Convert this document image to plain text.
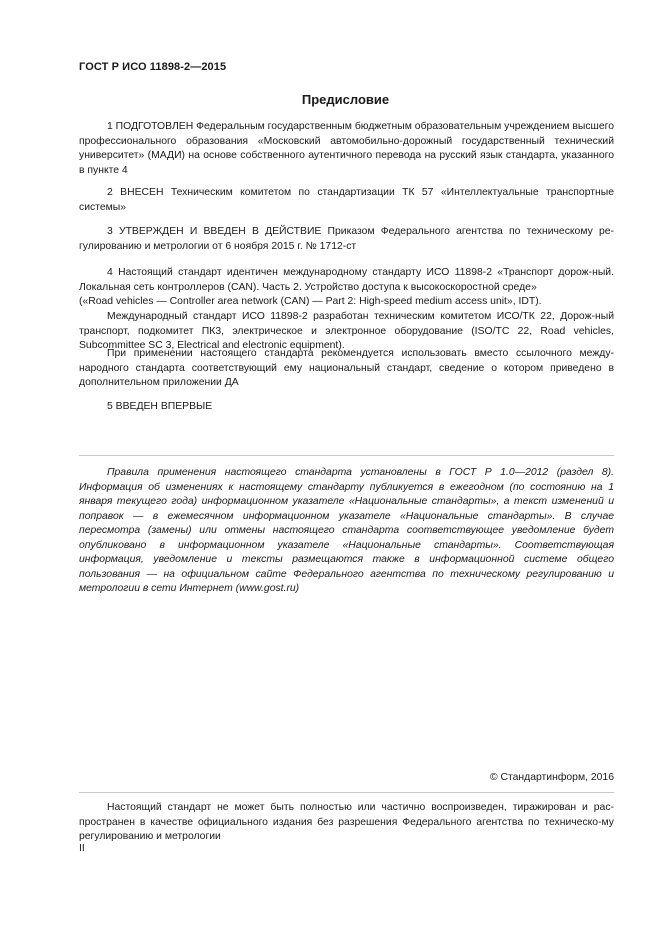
ГОСТ Р ИСО 11898-2—2015
Предисловие

1 ПОДГОТОВЛЕН Федеральным государственным бюджетным образовательным учреждением высшего профессионального образования «Московский автомобильно-дорожный государственный технический университет» (МАДИ) на основе собственного аутентичного перевода на русский язык стандарта, указанного в пункте 4

2 ВНЕСЕН Техническим комитетом по стандартизации ТК 57 «Интеллектуальные транспортные системы»

3 УТВЕРЖДЕН И ВВЕДЕН В ДЕЙСТВИЕ Приказом Федерального агентства по техническому ре-гулированию и метрологии от 6 ноября 2015 г. № 1712-ст

4 Настоящий стандарт идентичен международному стандарту ИСО 11898-2 «Транспорт дорож-ный. Локальная сеть контроллеров (CAN). Часть 2. Устройство доступа к высокоскоростной среде»

(«Road vehicles — Controller area network (CAN) — Part 2: High-speed medium access unit», IDT).

Международный стандарт ИСО 11898-2 разработан техническим комитетом ИСО/ТК 22, Дорож-ный транспорт, подкомитет ПК3, электрическое и электронное оборудование (ISO/TC 22, Road vehicles, Subcommittee SC 3, Electrical and electronic equipment).

При применении настоящего стандарта рекомендуется использовать вместо ссылочного между-народного стандарта соответствующий ему национальный стандарт, сведение о котором приведено в дополнительном приложении ДА

5 ВВЕДЕН ВПЕРВЫЕ

Правила применения настоящего стандарта установлены в ГОСТ Р 1.0—2012 (раздел 8). Информация об изменениях к настоящему стандарту публикуется в ежегодном (по состоянию на 1 января текущего года) информационном указателе «Национальные стандарты», а текст изменений и поправок — в ежемесячном информационном указателе «Национальные стандарты». В случае пересмотра (замены) или отмены настоящего стандарта соответствующее уведомление будет опубликовано в информационном указателе «Национальные стандарты». Соответствующая информация, уведомление и тексты размещаются также в информационной системе общего пользования — на официальном сайте Федерального агентства по техническому регулированию и метрологии в сети Интернет (www.gost.ru)

© Стандартинформ, 2016

Настоящий стандарт не может быть полностью или частично воспроизведен, тиражирован и рас-пространен в качестве официального издания без разрешения Федерального агентства по техническо-му регулированию и метрологии

II
